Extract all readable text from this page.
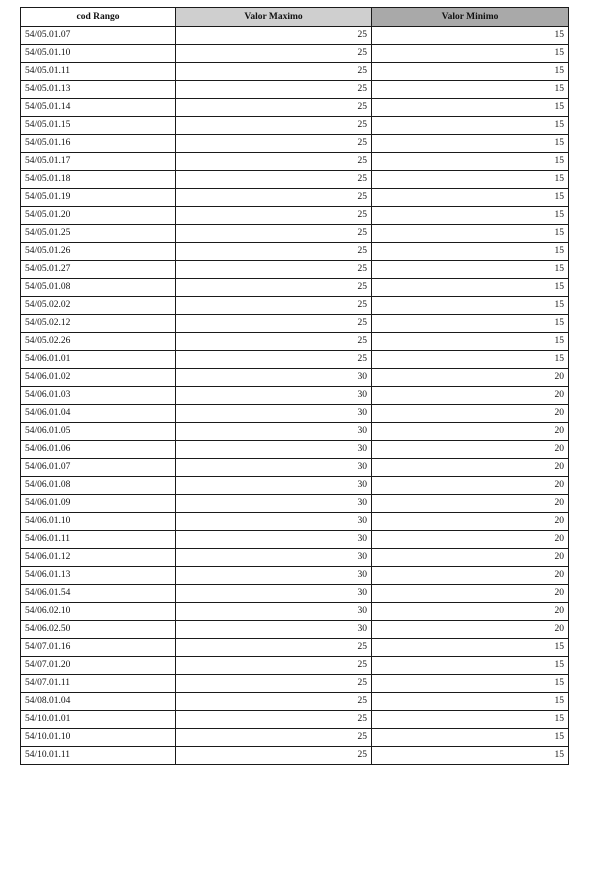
cod Rango	Valor Maximo	Valor Minimo
54/05.01.07	25	15
54/05.01.10	25	15
54/05.01.11	25	15
54/05.01.13	25	15
54/05.01.14	25	15
54/05.01.15	25	15
54/05.01.16	25	15
54/05.01.17	25	15
54/05.01.18	25	15
54/05.01.19	25	15
54/05.01.20	25	15
54/05.01.25	25	15
54/05.01.26	25	15
54/05.01.27	25	15
54/05.01.08	25	15
54/05.02.02	25	15
54/05.02.12	25	15
54/05.02.26	25	15
54/06.01.01	25	15
54/06.01.02	30	20
54/06.01.03	30	20
54/06.01.04	30	20
54/06.01.05	30	20
54/06.01.06	30	20
54/06.01.07	30	20
54/06.01.08	30	20
54/06.01.09	30	20
54/06.01.10	30	20
54/06.01.11	30	20
54/06.01.12	30	20
54/06.01.13	30	20
54/06.01.54	30	20
54/06.02.10	30	20
54/06.02.50	30	20
54/07.01.16	25	15
54/07.01.20	25	15
54/07.01.11	25	15
54/08.01.04	25	15
54/10.01.01	25	15
54/10.01.10	25	15
54/10.01.11	25	15
